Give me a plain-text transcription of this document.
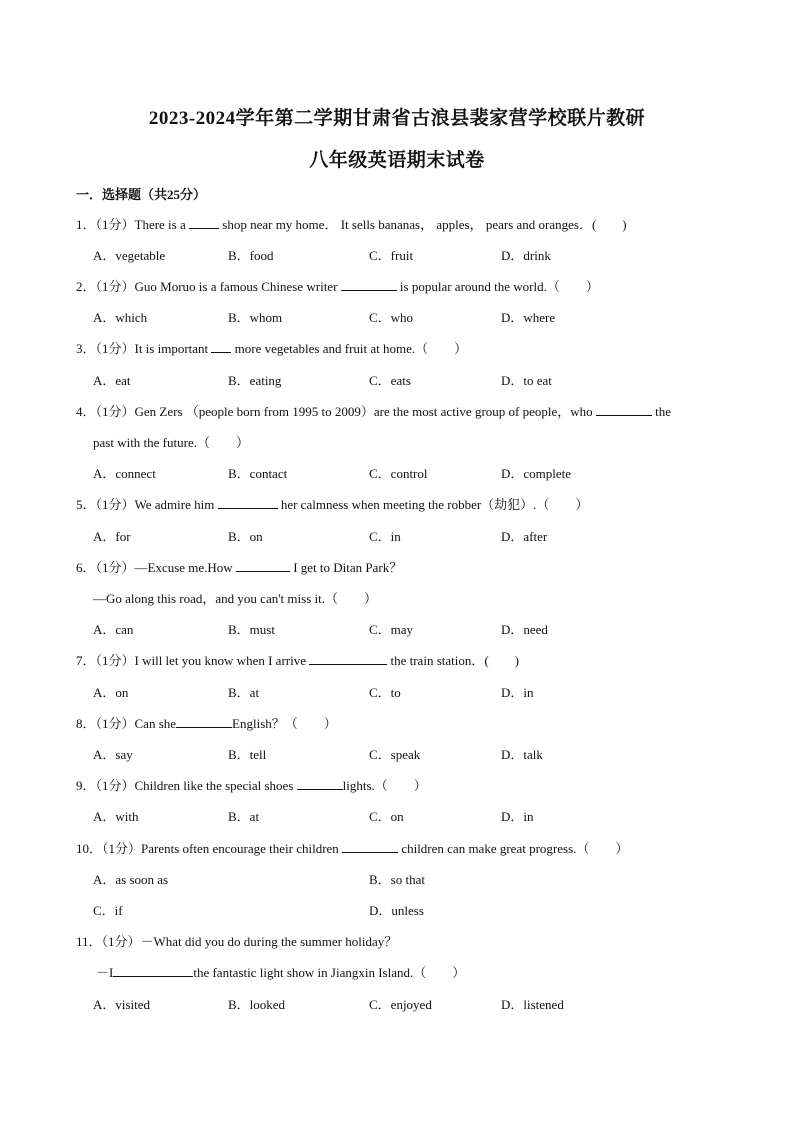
2023-2024学年第二学期甘肃省古浪县裴家营学校联片教研
八年级英语期末试卷
一．选择题（共25分）
1．（1分）There is a	shop near my home． It sells bananas， apples， pears and oranges．(　　)
A．vegetable	B．food	C．fruit	D．drink
2．（1分）Guo Moruo is a famous Chinese writer	is popular around the world.（　　）
A．which	B．whom	C．who	D．where
3．（1分）It is important more vegetables and fruit at home.（　　）
A．eat	B．eating	C．eats	D．to eat
4．（1分）Gen Zers （people born from 1995 to 2009）are the most active group of people，who	the
past with the future.（　　）
A．connect	B．contact	C．control	D．complete
5．（1分）We admire him	her calmness when meeting the robber（劫犯）.（　　）
A．for	B．on	C．in	D．after
6．（1分）—Excuse me.How	I get to Ditan Park？
—Go along this road，and you can't miss it.（　　）
A．can	B．must	C．may	D．need
7．（1分）I will let you know when I arrive	the train station．(　　)
A．on	B．at	C．to	D．in
8．（1分）Can she	English？（　　）
A．say	B．tell	C．speak	D．talk
9．（1分）Children like the special shoes	lights.（　　）
A．with	B．at	C．on	D．in
10．（1分）Parents often encourage their children	children can make great progress.（　　）
A．as soon as	B．so that
C．if	D．unless
11．（1分）－What did you do during the summer holiday？
－I	the fantastic light show in Jiangxin Island.（　　）
A．visited	B．looked	C．enjoyed	D．listened
